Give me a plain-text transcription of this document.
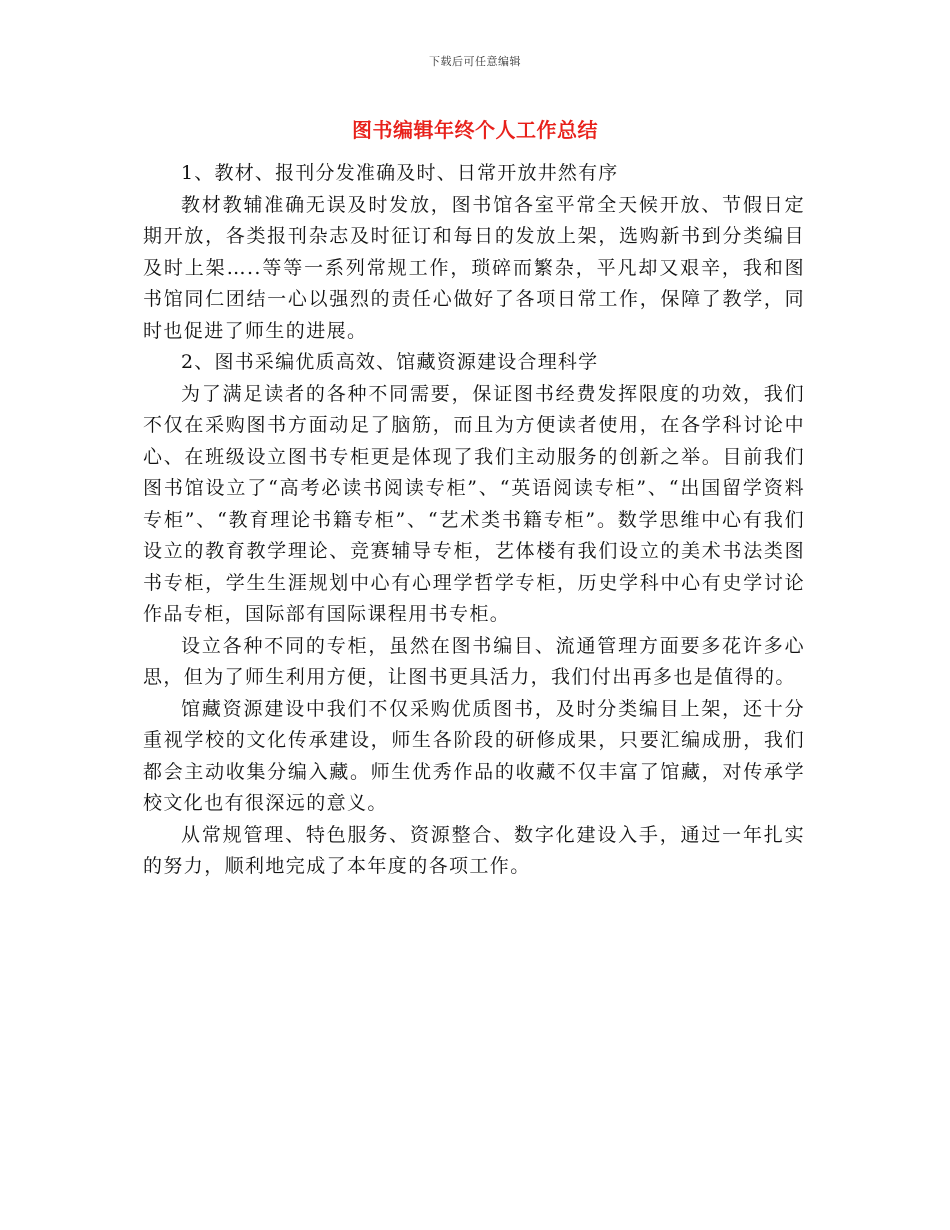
下载后可任意编辑
图书编辑年终个人工作总结

1、教材、报刊分发准确及时、日常开放井然有序

教材教辅准确无误及时发放，图书馆各室平常全天候开放、节假日定期开放，各类报刊杂志及时征订和每日的发放上架，选购新书到分类编目及时上架…..等等一系列常规工作，琐碎而繁杂，平凡却又艰辛，我和图书馆同仁团结一心以强烈的责任心做好了各项日常工作，保障了教学，同时也促进了师生的进展。

2、图书采编优质高效、馆藏资源建设合理科学

为了满足读者的各种不同需要，保证图书经费发挥限度的功效，我们不仅在采购图书方面动足了脑筋，而且为方便读者使用，在各学科讨论中心、在班级设立图书专柜更是体现了我们主动服务的创新之举。目前我们图书馆设立了“高考必读书阅读专柜”、“英语阅读专柜”、“出国留学资料专柜”、“教育理论书籍专柜”、“艺术类书籍专柜”。数学思维中心有我们设立的教育教学理论、竞赛辅导专柜，艺体楼有我们设立的美术书法类图书专柜，学生生涯规划中心有心理学哲学专柜，历史学科中心有史学讨论作品专柜，国际部有国际课程用书专柜。

设立各种不同的专柜，虽然在图书编目、流通管理方面要多花许多心思，但为了师生利用方便，让图书更具活力，我们付出再多也是值得的。

馆藏资源建设中我们不仅采购优质图书，及时分类编目上架，还十分重视学校的文化传承建设，师生各阶段的研修成果，只要汇编成册，我们都会主动收集分编入藏。师生优秀作品的收藏不仅丰富了馆藏，对传承学校文化也有很深远的意义。

从常规管理、特色服务、资源整合、数字化建设入手，通过一年扎实的努力，顺利地完成了本年度的各项工作。
